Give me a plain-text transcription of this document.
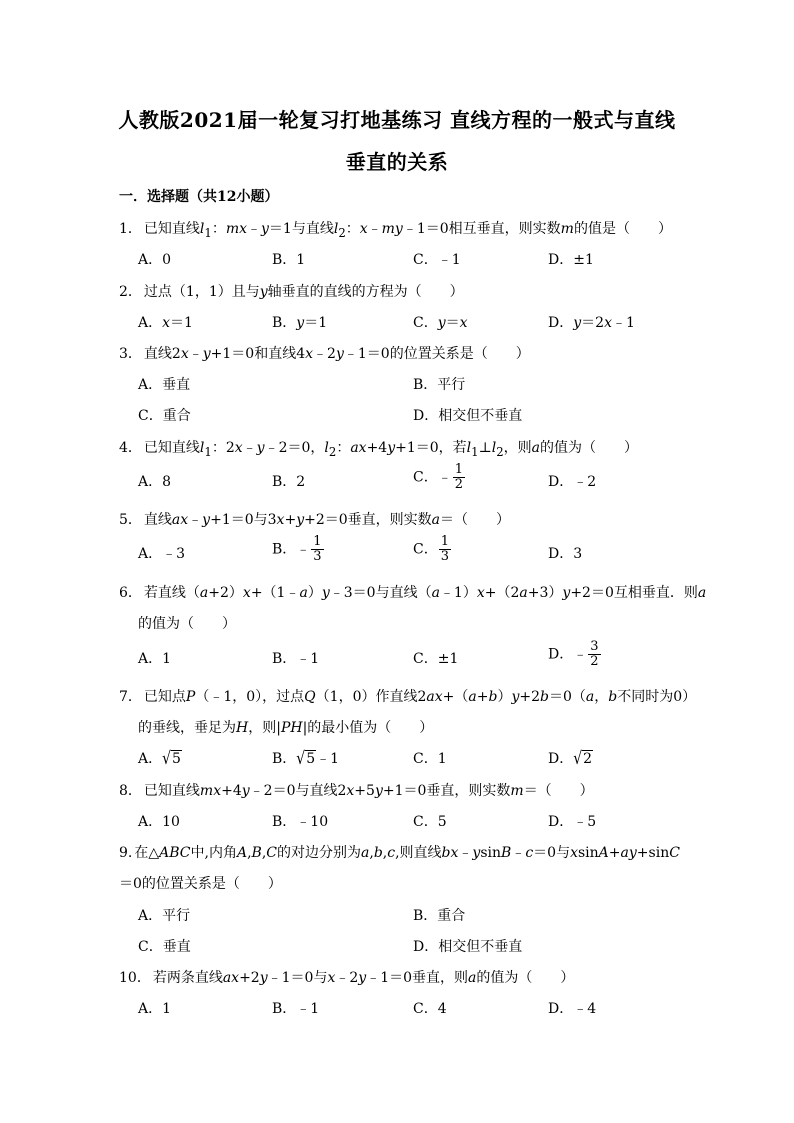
人教版2021届一轮复习打地基练习 直线方程的一般式与直线
垂直的关系
一．选择题（共12小题）
1． 已知直线$l_1$：mx﹣y＝1与直线$l_2$：x﹣my﹣1＝0相互垂直，则实数m的值是（　　）
A．0	B．1	C．﹣1	D．±1
2． 过点（1，1）且与y轴垂直的直线的方程为（　　）
A．x＝1	B．y＝1	C．y＝x	D．y＝2x﹣1
3． 直线2x﹣y+1＝0和直线4x﹣2y﹣1＝0的位置关系是（　　）
A．垂直	B．平行
C．重合	D．相交但不垂直
4． 已知直线$l_1$：2x﹣y﹣2＝0，$l_2$：ax+4y+1＝0，若$l_1\perp l_2$，则a的值为（　　）
A．8	B．2	C．﹣ $\frac{1}{2}$	D．﹣2
5． 直线ax﹣y+1＝0与3x+y+2＝0垂直，则实数a＝（　　）
A．﹣3	B．﹣ $\frac{1}{3}$	C． $\frac{1}{3}$	D．3
6． 若直线（a+2）x+（1﹣a）y﹣3＝0与直线（a﹣1）x+（2a+3）y+2＝0互相垂直．则a
的值为（　　）
A．1	B．﹣1	C．±1	D．﹣ $\frac{3}{2}$
7． 已知点P（﹣1，0），过点Q（1，0）作直线2ax+（a+b）y+2b＝0（a，b不同时为0）
的垂线，垂足为H，则|PH|的最小值为（　　）
A．√5	B．√5﹣1	C．1	D．√2
8． 已知直线mx+4y﹣2＝0与直线2x+5y+1＝0垂直，则实数m＝（　　）
A．10	B．﹣10	C．5	D．﹣5
9. 在△ABC中,内角A,B,C的对边分别为a,b,c,则直线bx﹣ysinB﹣c＝0与xsinA+ay+sinC
＝0的位置关系是（　　）
A．平行	B．重合
C．垂直	D．相交但不垂直
10． 若两条直线ax+2y﹣1＝0与x﹣2y﹣1＝0垂直，则a的值为（　　）
A．1	B．﹣1	C．4	D．﹣4
